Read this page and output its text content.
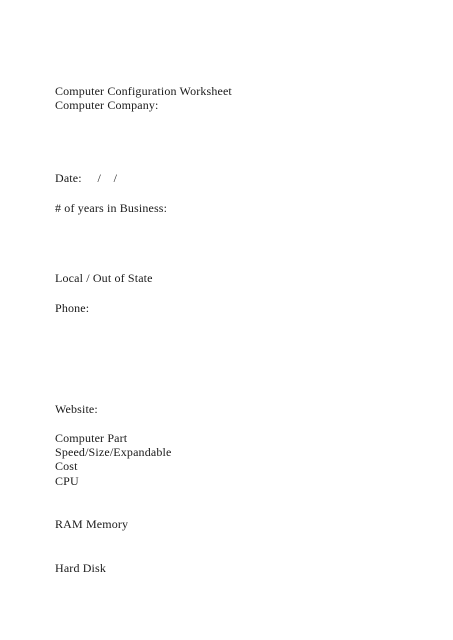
Computer Configuration Worksheet
Computer Company:
Date:     /    /
# of years in Business:
Local / Out of State
Phone:
Website:
Computer Part
Speed/Size/Expandable
Cost
CPU
RAM Memory
Hard Disk
